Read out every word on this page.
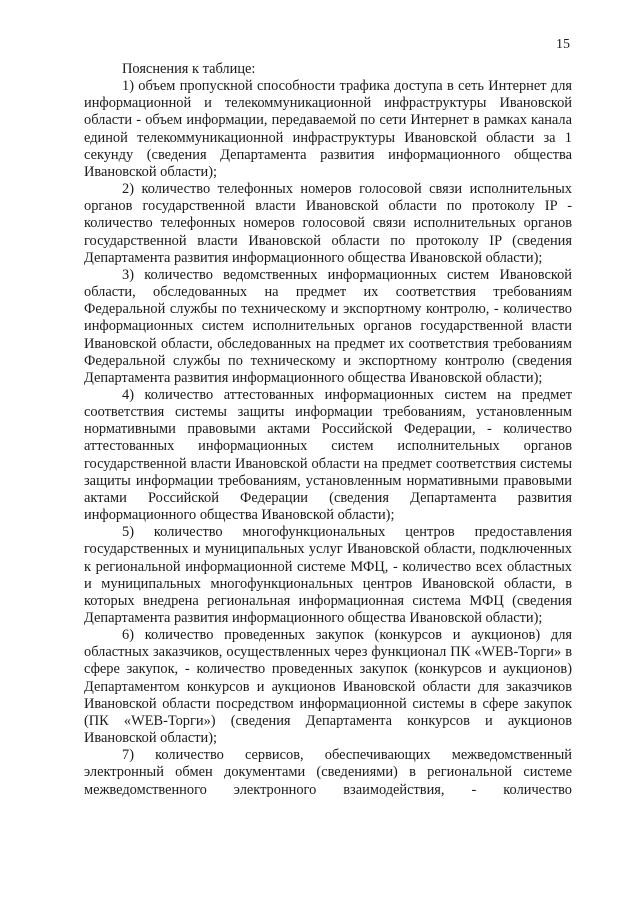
15

Пояснения к таблице:

1) объем пропускной способности трафика доступа в сеть Интернет для информационной и телекоммуникационной инфраструктуры Ивановской области - объем информации, передаваемой по сети Интернет в рамках канала единой телекоммуникационной инфраструктуры Ивановской области за 1 секунду (сведения Департамента развития информационного общества Ивановской области);

2) количество телефонных номеров голосовой связи исполнительных органов государственной власти Ивановской области по протоколу IP - количество телефонных номеров голосовой связи исполнительных органов государственной власти Ивановской области по протоколу IP (сведения Департамента развития информационного общества Ивановской области);

3) количество ведомственных информационных систем Ивановской области, обследованных на предмет их соответствия требованиям Федеральной службы по техническому и экспортному контролю, - количество информационных систем исполнительных органов государственной власти Ивановской области, обследованных на предмет их соответствия требованиям Федеральной службы по техническому и экспортному контролю (сведения Департамента развития информационного общества Ивановской области);

4) количество аттестованных информационных систем на предмет соответствия системы защиты информации требованиям, установленным нормативными правовыми актами Российской Федерации, - количество аттестованных информационных систем исполнительных органов государственной власти Ивановской области на предмет соответствия системы защиты информации требованиям, установленным нормативными правовыми актами Российской Федерации (сведения Департамента развития информационного общества Ивановской области);

5) количество многофункциональных центров предоставления государственных и муниципальных услуг Ивановской области, подключенных к региональной информационной системе МФЦ, - количество всех областных и муниципальных многофункциональных центров Ивановской области, в которых внедрена региональная информационная система МФЦ (сведения Департамента развития информационного общества Ивановской области);

6) количество проведенных закупок (конкурсов и аукционов) для областных заказчиков, осуществленных через функционал ПК «WEB-Торги» в сфере закупок, - количество проведенных закупок (конкурсов и аукционов) Департаментом конкурсов и аукционов Ивановской области для заказчиков Ивановской области посредством информационной системы в сфере закупок (ПК «WEB-Торги») (сведения Департамента конкурсов и аукционов Ивановской области);

7) количество сервисов, обеспечивающих межведомственный электронный обмен документами (сведениями) в региональной системе межведомственного электронного взаимодействия, - количество
